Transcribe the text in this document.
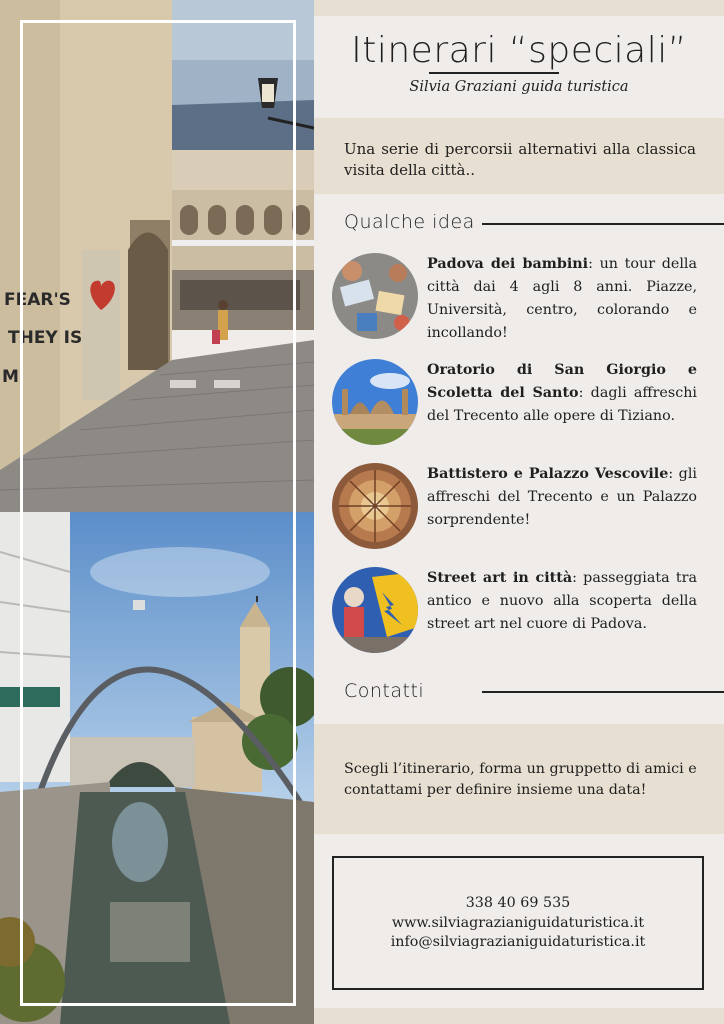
FEAR'S
THEY IS
M
Itinerari “speciali”
Silvia Graziani guida turistica
Una serie di percorsii alternativi alla classica visita della città..
Qualche idea
Padova dei bambini: un tour della città dai 4 agli 8 anni. Piazze, Università, centro, colorando e incollando!
Oratorio di San Giorgio e Scoletta del Santo: dagli affreschi del Trecento alle opere di Tiziano.
Battistero e Palazzo Vescovile: gli affreschi del Trecento e un Palazzo sorprendente!
Street art in città: passeggiata tra antico e nuovo alla scoperta della street art nel cuore di Padova.
Contatti
Scegli l’itinerario, forma un gruppetto di amici e contattami per definire insieme una data!
338 40 69 535
www.silviagrazianiguidaturistica.it
info@silviagrazianiguidaturistica.it
